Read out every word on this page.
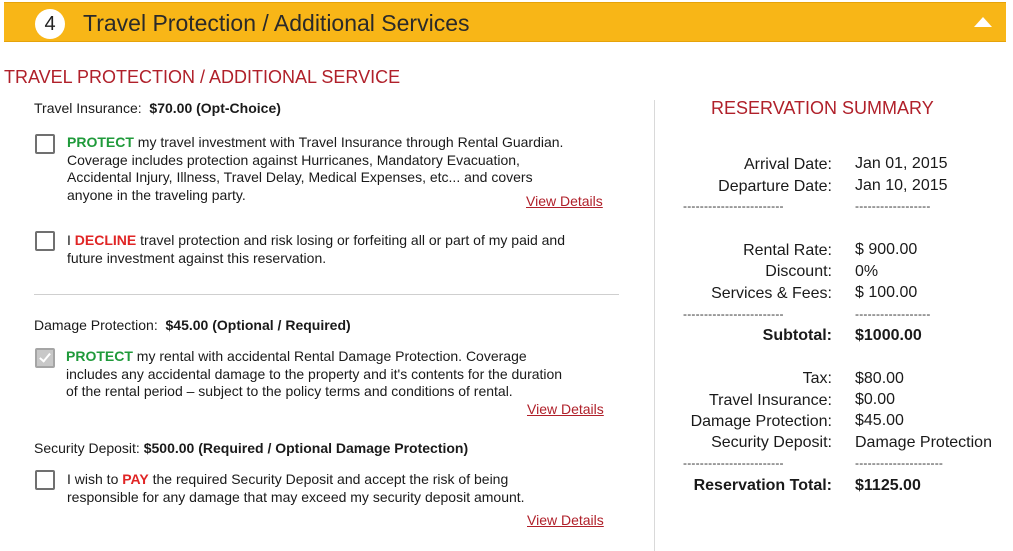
4	Travel Protection / Additional Services
TRAVEL PROTECTION / ADDITIONAL SERVICE
Travel Insurance: $70.00 (Opt-Choice)
PROTECT my travel investment with Travel Insurance through Rental Guardian.
Coverage includes protection against Hurricanes, Mandatory Evacuation,
Accidental Injury, Illness, Travel Delay, Medical Expenses, etc... and covers
anyone in the traveling party.	View Details
I DECLINE travel protection and risk losing or forfeiting all or part of my paid and
future investment against this reservation.
Damage Protection: $45.00 (Optional / Required)
PROTECT my rental with accidental Rental Damage Protection. Coverage
includes any accidental damage to the property and it's contents for the duration
of the rental period – subject to the policy terms and conditions of rental.
View Details
Security Deposit: $500.00 (Required / Optional Damage Protection)
I wish to PAY the required Security Deposit and accept the risk of being
responsible for any damage that may exceed my security deposit amount.
View Details
RESERVATION SUMMARY
Arrival Date: Jan 01, 2015
Departure Date: Jan 10, 2015
------------------------	------------------
Rental Rate: $ 900.00
Discount: 0%
Services & Fees: $ 100.00
------------------------	------------------
Subtotal: $1000.00
Tax: $80.00
Travel Insurance: $0.00
Damage Protection: $45.00
Security Deposit: Damage Protection
------------------------	---------------------
Reservation Total: $1125.00
